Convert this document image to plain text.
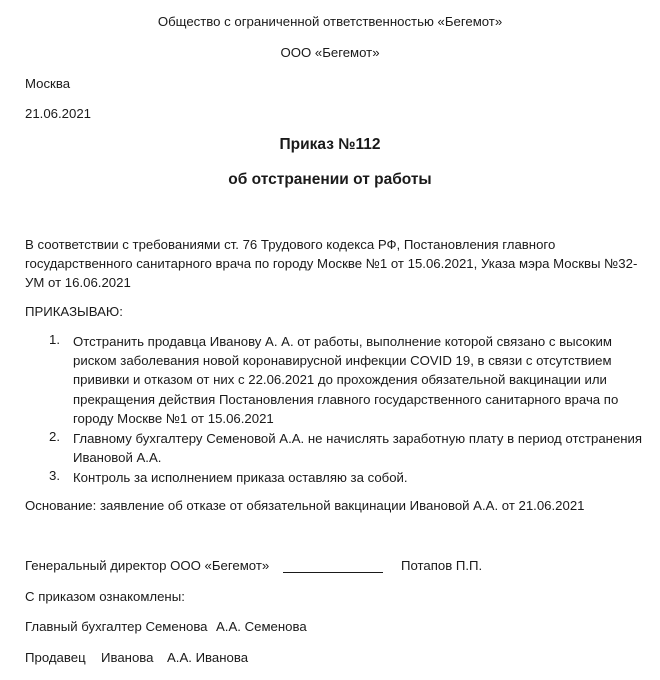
Общество с ограниченной ответственностью «Бегемот»
ООО «Бегемот»
Москва
21.06.2021
Приказ №112
об отстранении от работы
В соответствии с требованиями ст. 76 Трудового кодекса РФ, Постановления главного государственного санитарного врача по городу Москве №1 от 15.06.2021, Указа мэра Москвы №32-УМ от 16.06.2021
ПРИКАЗЫВАЮ:
1. Отстранить продавца Иванову А. А. от работы, выполнение которой связано с высоким риском заболевания новой коронавирусной инфекции COVID 19, в связи с отсутствием прививки и отказом от них с 22.06.2021 до прохождения обязательной вакцинации или прекращения действия Постановления главного государственного санитарного врача по городу Москве №1 от 15.06.2021
2. Главному бухгалтеру Семеновой А.А. не начислять заработную плату в период отстранения Ивановой А.А.
3. Контроль за исполнением приказа оставляю за собой.
Основание: заявление об отказе от обязательной вакцинации Ивановой А.А. от 21.06.2021
Генеральный директор ООО «Бегемот»	Потапов П.П.
С приказом ознакомлены:
Главный бухгалтер Семенова А.А. Семенова
Продавец Иванова А.А. Иванова
